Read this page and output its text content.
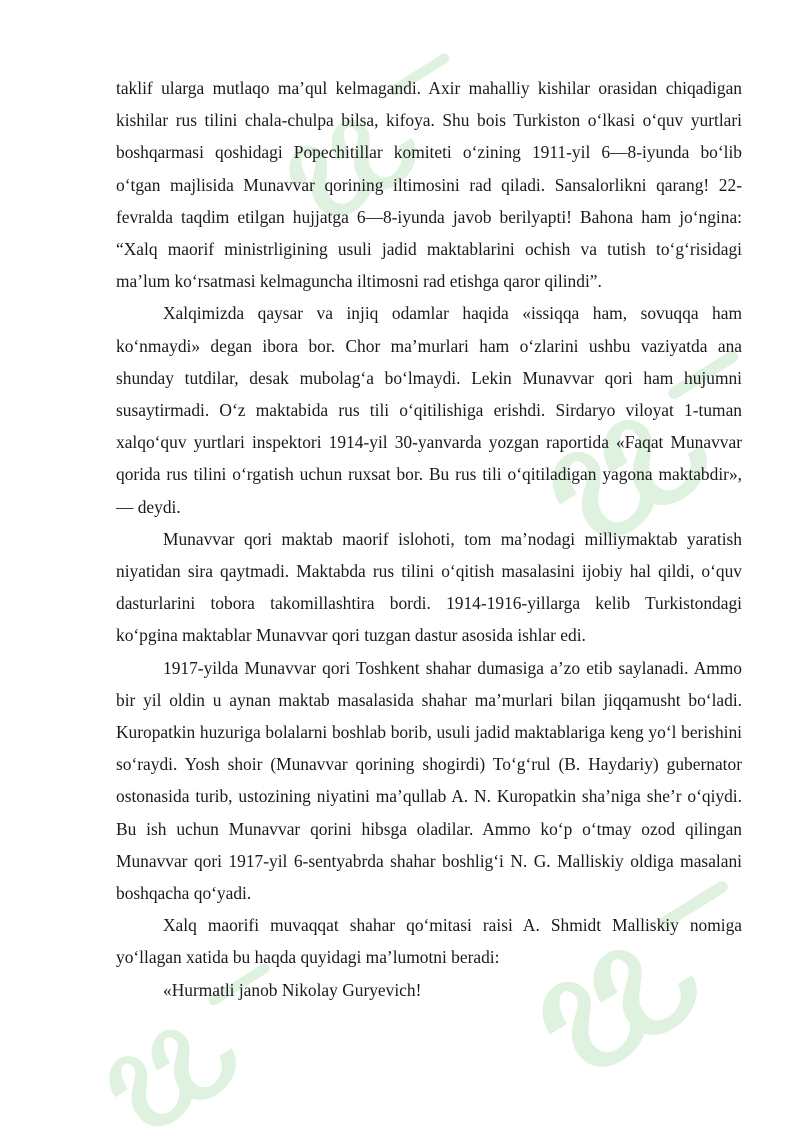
taklif ularga mutlaqo ma’qul kelmagandi. Axir mahalliy kishilar orasidan chiqadigan kishilar rus tilini chala-chulpa bilsa, kifoya. Shu bois Turkiston o‘lkasi o‘quv yurtlari boshqarmasi qoshidagi Popechitillar komiteti o‘zining 1911-yil 6—8-iyunda bo‘lib o‘tgan majlisida Munavvar qorining iltimosini rad qiladi. Sansalorlikni qarang! 22-fevralda taqdim etilgan hujjatga 6—8-iyunda javob berilyapti! Bahona ham jo‘ngina: “Xalq maorif ministrligining usuli jadid maktablarini ochish va tutish to‘g‘risidagi ma’lum ko‘rsatmasi kelmaguncha iltimosni rad etishga qaror qilindi”.

Xalqimizda qaysar va injiq odamlar haqida «issiqqa ham, sovuqqa ham ko‘nmaydi» degan ibora bor. Chor ma’murlari ham o‘zlarini ushbu vaziyatda ana shunday tutdilar, desak mubolag‘a bo‘lmaydi. Lekin Munavvar qori ham hujumni susaytirmadi. O‘z maktabida rus tili o‘qitilishiga erishdi. Sirdaryo viloyat 1-tuman xalqo‘quv yurtlari inspektori 1914-yil 30-yanvarda yozgan raportida «Faqat Munavvar qorida rus tilini o‘rgatish uchun ruxsat bor. Bu rus tili o‘qitiladigan yagona maktabdir», — deydi.

Munavvar qori maktab maorif islohoti, tom ma’nodagi milliymaktab yaratish niyatidan sira qaytmadi. Maktabda rus tilini o‘qitish masalasini ijobiy hal qildi, o‘quv dasturlarini tobora takomillashtira bordi. 1914-1916-yillarga kelib Turkistondagi ko‘pgina maktablar Munavvar qori tuzgan dastur asosida ishlar edi.

1917-yilda Munavvar qori Toshkent shahar dumasiga a’zo etib saylanadi. Ammo bir yil oldin u aynan maktab masalasida shahar ma’murlari bilan jiqqamusht bo‘ladi. Kuropatkin huzuriga bolalarni boshlab borib, usuli jadid maktablariga keng yo‘l berishini so‘raydi. Yosh shoir (Munavvar qorining shogirdi) To‘g‘rul (B. Haydariy) gubernator ostonasida turib, ustozining niyatini ma’qullab A. N. Kuropatkin sha’niga she’r o‘qiydi. Bu ish uchun Munavvar qorini hibsga oladilar. Ammo ko‘p o‘tmay ozod qilingan Munavvar qori 1917-yil 6-sentyabrda shahar boshlig‘i N. G. Malliskiy oldiga masalani boshqacha qo‘yadi.

Xalq maorifi muvaqqat shahar qo‘mitasi raisi A. Shmidt Malliskiy nomiga yo‘llagan xatida bu haqda quyidagi ma’lumotni beradi:

«Hurmatli janob Nikolay Guryevich!
